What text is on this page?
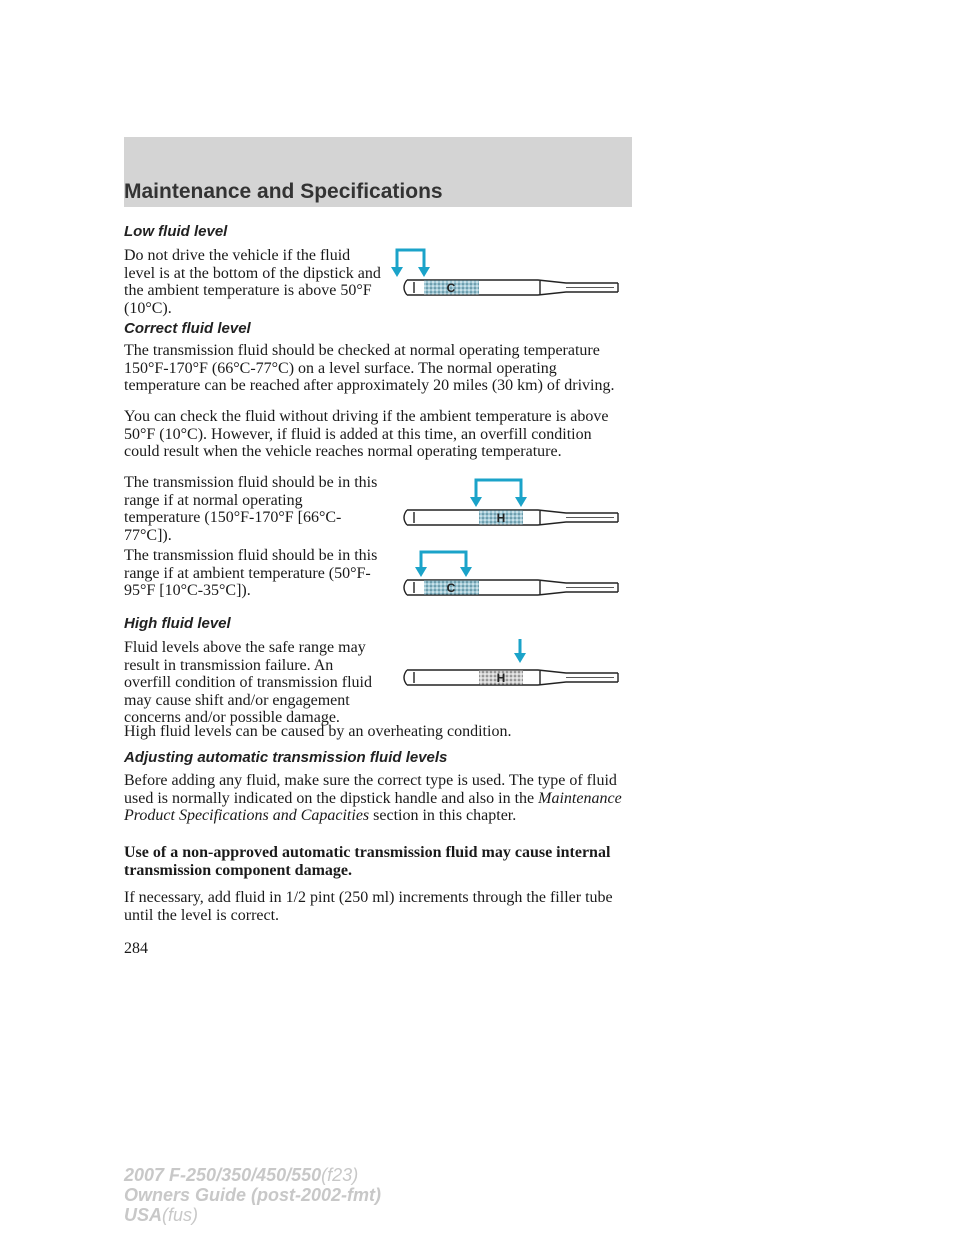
Maintenance and Specifications
Low fluid level

Do not drive the vehicle if the fluid level is at the bottom of the dipstick and the ambient temperature is above 50°F (10°C).

C
Correct fluid level

The transmission fluid should be checked at normal operating temperature 150°F-170°F (66°C-77°C) on a level surface. The normal operating temperature can be reached after approximately 20 miles (30 km) of driving.

You can check the fluid without driving if the ambient temperature is above 50°F (10°C). However, if fluid is added at this time, an overfill condition could result when the vehicle reaches normal operating temperature.

The transmission fluid should be in this range if at normal operating temperature (150°F-170°F [66°C-77°C]).

The transmission fluid should be in this range if at ambient temperature (50°F-95°F [10°C-35°C]).

H
C
High fluid level

Fluid levels above the safe range may result in transmission failure. An overfill condition of transmission fluid may cause shift and/or engagement concerns and/or possible damage.

High fluid levels can be caused by an overheating condition.

H
Adjusting automatic transmission fluid levels

Before adding any fluid, make sure the correct type is used. The type of fluid used is normally indicated on the dipstick handle and also in the Maintenance Product Specifications and Capacities section in this chapter.

Use of a non-approved automatic transmission fluid may cause internal transmission component damage.

If necessary, add fluid in 1/2 pint (250 ml) increments through the filler tube until the level is correct.

284
2007 F-250/350/450/550(f23)
Owners Guide (post-2002-fmt)
USA(fus)
